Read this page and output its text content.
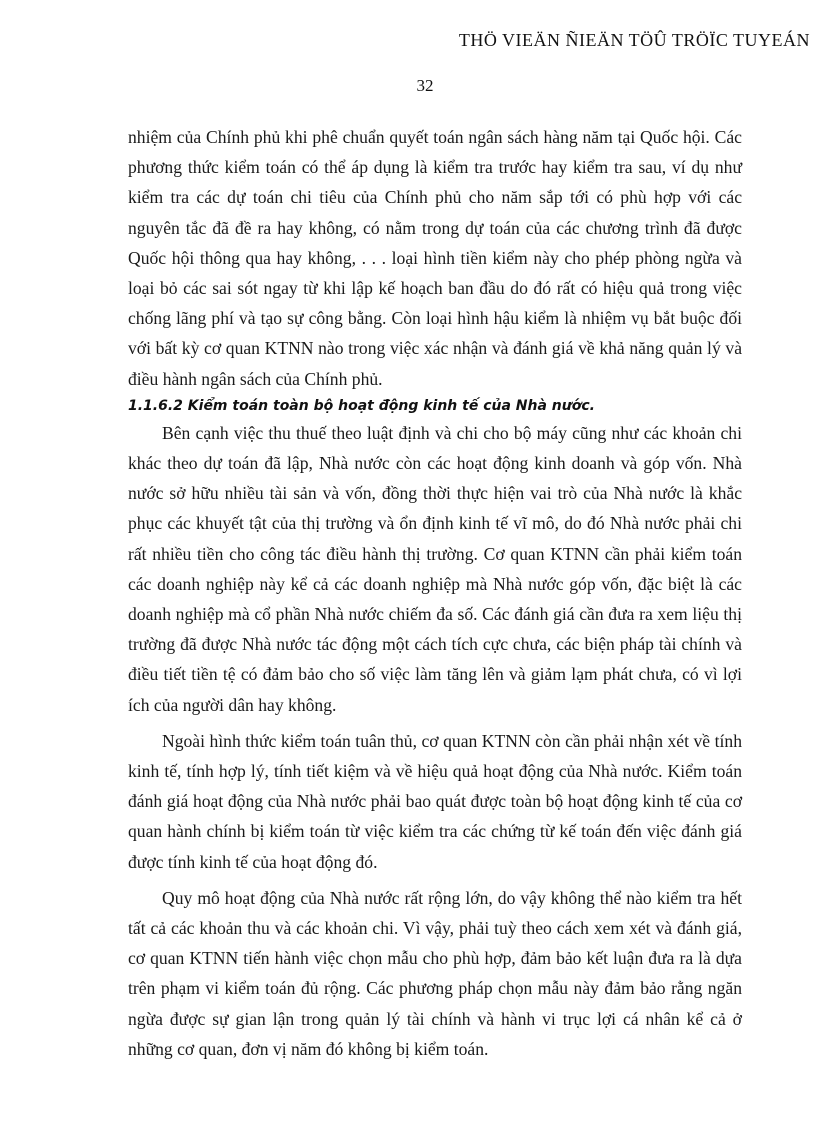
THÖ VIEÄN ÑIEÄN TÖÛ TRÖÏC TUYEÁN
32

nhiệm của Chính phủ khi phê chuẩn quyết toán ngân sách hàng năm tại Quốc hội. Các phương thức kiểm toán có thể áp dụng là kiểm tra trước hay kiểm tra sau, ví dụ như kiểm tra các dự toán chi tiêu của Chính phủ cho năm sắp tới có phù hợp với các nguyên tắc đã đề ra hay không, có nằm trong dự toán của các chương trình đã được Quốc hội thông qua hay không, . . . loại hình tiền kiểm này cho phép phòng ngừa và loại bỏ các sai sót ngay từ khi lập kế hoạch ban đầu do đó rất có hiệu quả trong việc chống lãng phí và tạo sự công bằng. Còn loại hình hậu kiểm là nhiệm vụ bắt buộc đối với bất kỳ cơ quan KTNN nào trong việc xác nhận và đánh giá về khả năng quản lý và điều hành ngân sách của Chính phủ.

1.1.6.2 Kiểm toán toàn bộ hoạt động kinh tế của Nhà nước.

Bên cạnh việc thu thuế theo luật định và chi cho bộ máy cũng như các khoản chi khác theo dự toán đã lập, Nhà nước còn các hoạt động kinh doanh và góp vốn. Nhà nước sở hữu nhiều tài sản và vốn, đồng thời thực hiện vai trò của Nhà nước là khắc phục các khuyết tật của thị trường và ổn định kinh tế vĩ mô, do đó Nhà nước phải chi rất nhiều tiền cho công tác điều hành thị trường. Cơ quan KTNN cần phải kiểm toán các doanh nghiệp này kể cả các doanh nghiệp mà Nhà nước góp vốn, đặc biệt là các doanh nghiệp mà cổ phần Nhà nước chiếm đa số. Các đánh giá cần đưa ra xem liệu thị trường đã được Nhà nước tác động một cách tích cực chưa, các biện pháp tài chính và điều tiết tiền tệ có đảm bảo cho số việc làm tăng lên và giảm lạm phát chưa, có vì lợi ích của người dân hay không.

Ngoài hình thức kiểm toán tuân thủ, cơ quan KTNN còn cần phải nhận xét về tính kinh tế, tính hợp lý, tính tiết kiệm và về hiệu quả hoạt động của Nhà nước. Kiểm toán đánh giá hoạt động của Nhà nước phải bao quát được toàn bộ hoạt động kinh tế của cơ quan hành chính bị kiểm toán từ việc kiểm tra các chứng từ kế toán đến việc đánh giá được tính kinh tế của hoạt động đó.

Quy mô hoạt động của Nhà nước rất rộng lớn, do vậy không thể nào kiểm tra hết tất cả các khoản thu và các khoản chi. Vì vậy, phải tuỳ theo cách xem xét và đánh giá, cơ quan KTNN tiến hành việc chọn mẫu cho phù hợp, đảm bảo kết luận đưa ra là dựa trên phạm vi kiểm toán đủ rộng. Các phương pháp chọn mẫu này đảm bảo rằng ngăn ngừa được sự gian lận trong quản lý tài chính và hành vi trục lợi cá nhân kể cả ở những cơ quan, đơn vị năm đó không bị kiểm toán.
